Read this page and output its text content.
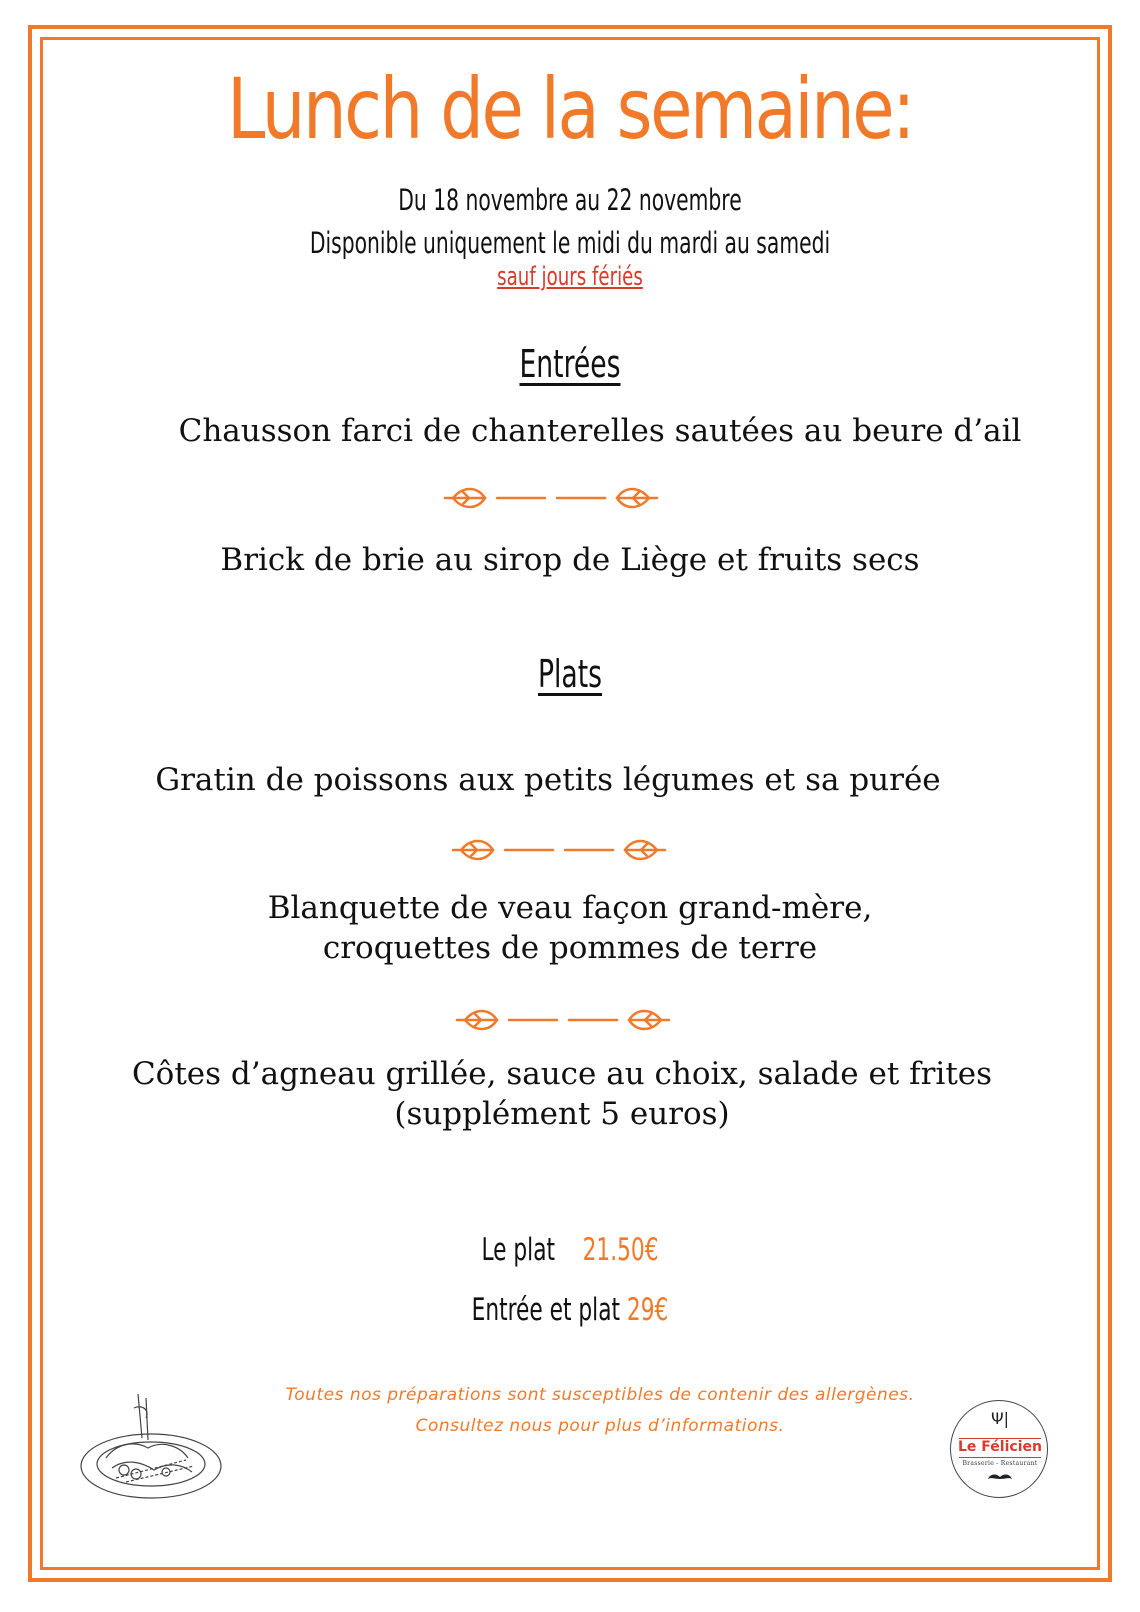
Lunch de la semaine:
Du 18 novembre au 22 novembre
Disponible uniquement le midi du mardi au samedi
sauf jours fériés
Entrées
Chausson farci de chanterelles sautées au beure d’ail
Brick de brie au sirop de Liège et fruits secs
Plats
Gratin de poissons aux petits légumes et sa purée
Blanquette de veau façon grand-mère,
croquettes de pommes de terre
Côtes d’agneau grillée, sauce au choix, salade et frites
(supplément 5 euros)
Le plat 21.50€
Entrée et plat 29€
Toutes nos préparations sont susceptibles de contenir des allergènes.
Consultez nous pour plus d’informations.	Ψ|
Le Félicien
Brasserie - Restaurant
